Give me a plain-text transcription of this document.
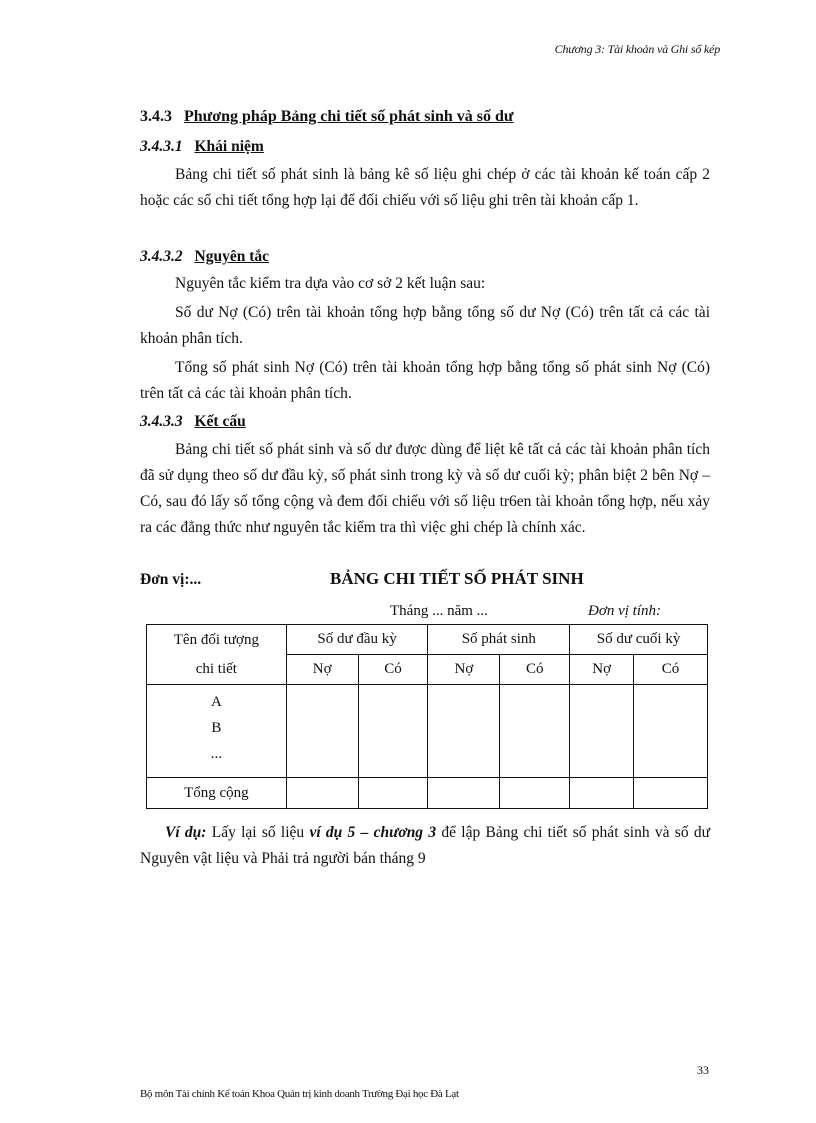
Chương 3: Tài khoản và Ghi sổ kép
3.4.3 Phương pháp Bảng chi tiết số phát sinh và số dư
3.4.3.1 Khái niệm

Bảng chi tiết số phát sinh là bảng kê số liệu ghi chép ở các tài khoản kế toán cấp 2 hoặc các sổ chi tiết tổng hợp lại để đối chiếu với số liệu ghi trên tài khoản cấp 1.

3.4.3.2 Nguyên tắc

Nguyên tắc kiểm tra dựa vào cơ sở 2 kết luận sau:

Số dư Nợ (Có) trên tài khoản tổng hợp bằng tổng số dư Nợ (Có) trên tất cả các tài khoản phân tích.

Tổng số phát sinh Nợ (Có) trên tài khoản tổng hợp bằng tổng số phát sinh Nợ (Có) trên tất cả các tài khoản phân tích.

3.4.3.3 Kết cấu

Bảng chi tiết số phát sinh và số dư được dùng để liệt kê tất cả các tài khoản phân tích đã sử dụng theo số dư đầu kỳ, số phát sinh trong kỳ và số dư cuối kỳ; phân biệt 2 bên Nợ – Có, sau đó lấy số tổng cộng và đem đối chiếu với số liệu tr6en tài khoản tổng hợp, nếu xảy ra các đẳng thức như nguyên tắc kiểm tra thì việc ghi chép là chính xác.

Đơn vị:...	BẢNG CHI TIẾT SỐ PHÁT SINH
Tháng ... năm ...	Đơn vị tính:
Tên đối tượng
chi tiết	Số dư đầu kỳ		Số phát sinh		Số dư cuối kỳ	
	Nợ	Có	Nợ	Có	Nợ	Có

A
B
...						

Tổng cộng						

Ví dụ: Lấy lại số liệu ví dụ 5 – chương 3 để lập Bảng chi tiết số phát sinh và số dư Nguyên vật liệu và Phải trả người bán tháng 9

33
Bộ môn Tài chính Kế toán Khoa Quản trị kinh doanh Trường Đại học Đà Lạt
